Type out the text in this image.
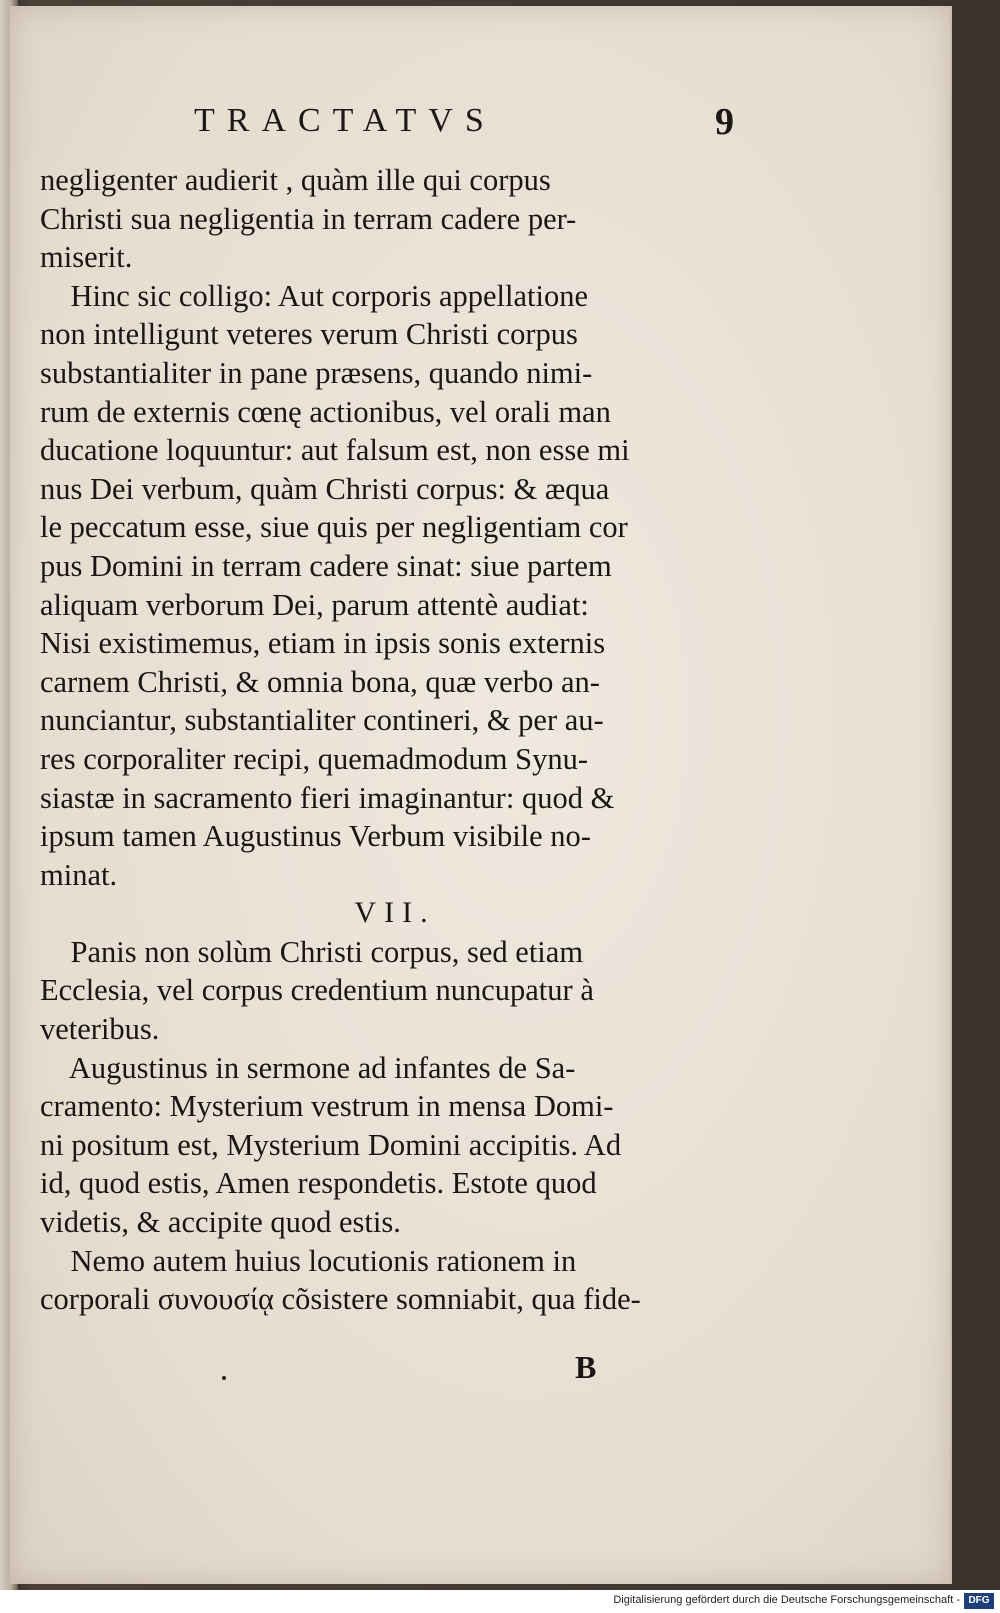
TRACTATVS	9
negligenter audierit , quàm ille qui corpus
Christi sua negligentia in terram cadere per-
miserit.
Hinc sic colligo: Aut corporis appellatione
non intelligunt veteres verum Christi corpus
substantialiter in pane præsens, quando nimi-
rum de externis cœnę actionibus, vel orali man
ducatione loquuntur: aut falsum est, non esse mi
nus Dei verbum, quàm Christi corpus: & æqua
le peccatum esse, siue quis per negligentiam cor
pus Domini in terram cadere sinat: siue partem
aliquam verborum Dei, parum attentè audiat:
Nisi existimemus, etiam in ipsis sonis externis
carnem Christi, & omnia bona, quæ verbo an-
nunciantur, substantialiter contineri, & per au-
res corporaliter recipi, quemadmodum Synu-
siastæ in sacramento fieri imaginantur: quod &
ipsum tamen Augustinus Verbum visibile no-
minat.
VII.
Panis non solùm Christi corpus, sed etiam
Ecclesia, vel corpus credentium nuncupatur à
veteribus.
Augustinus in sermone ad infantes de Sa-
cramento: Mysterium vestrum in mensa Domi-
ni positum est, Mysterium Domini accipitis. Ad
id, quod estis, Amen respondetis. Estote quod
videtis, & accipite quod estis.
Nemo autem huius locutionis rationem in
corporali συνουσίᾳ cõsistere somniabit, qua fide-
B
Digitalisierung gefördert durch die Deutsche Forschungsgemeinschaft - DFG
